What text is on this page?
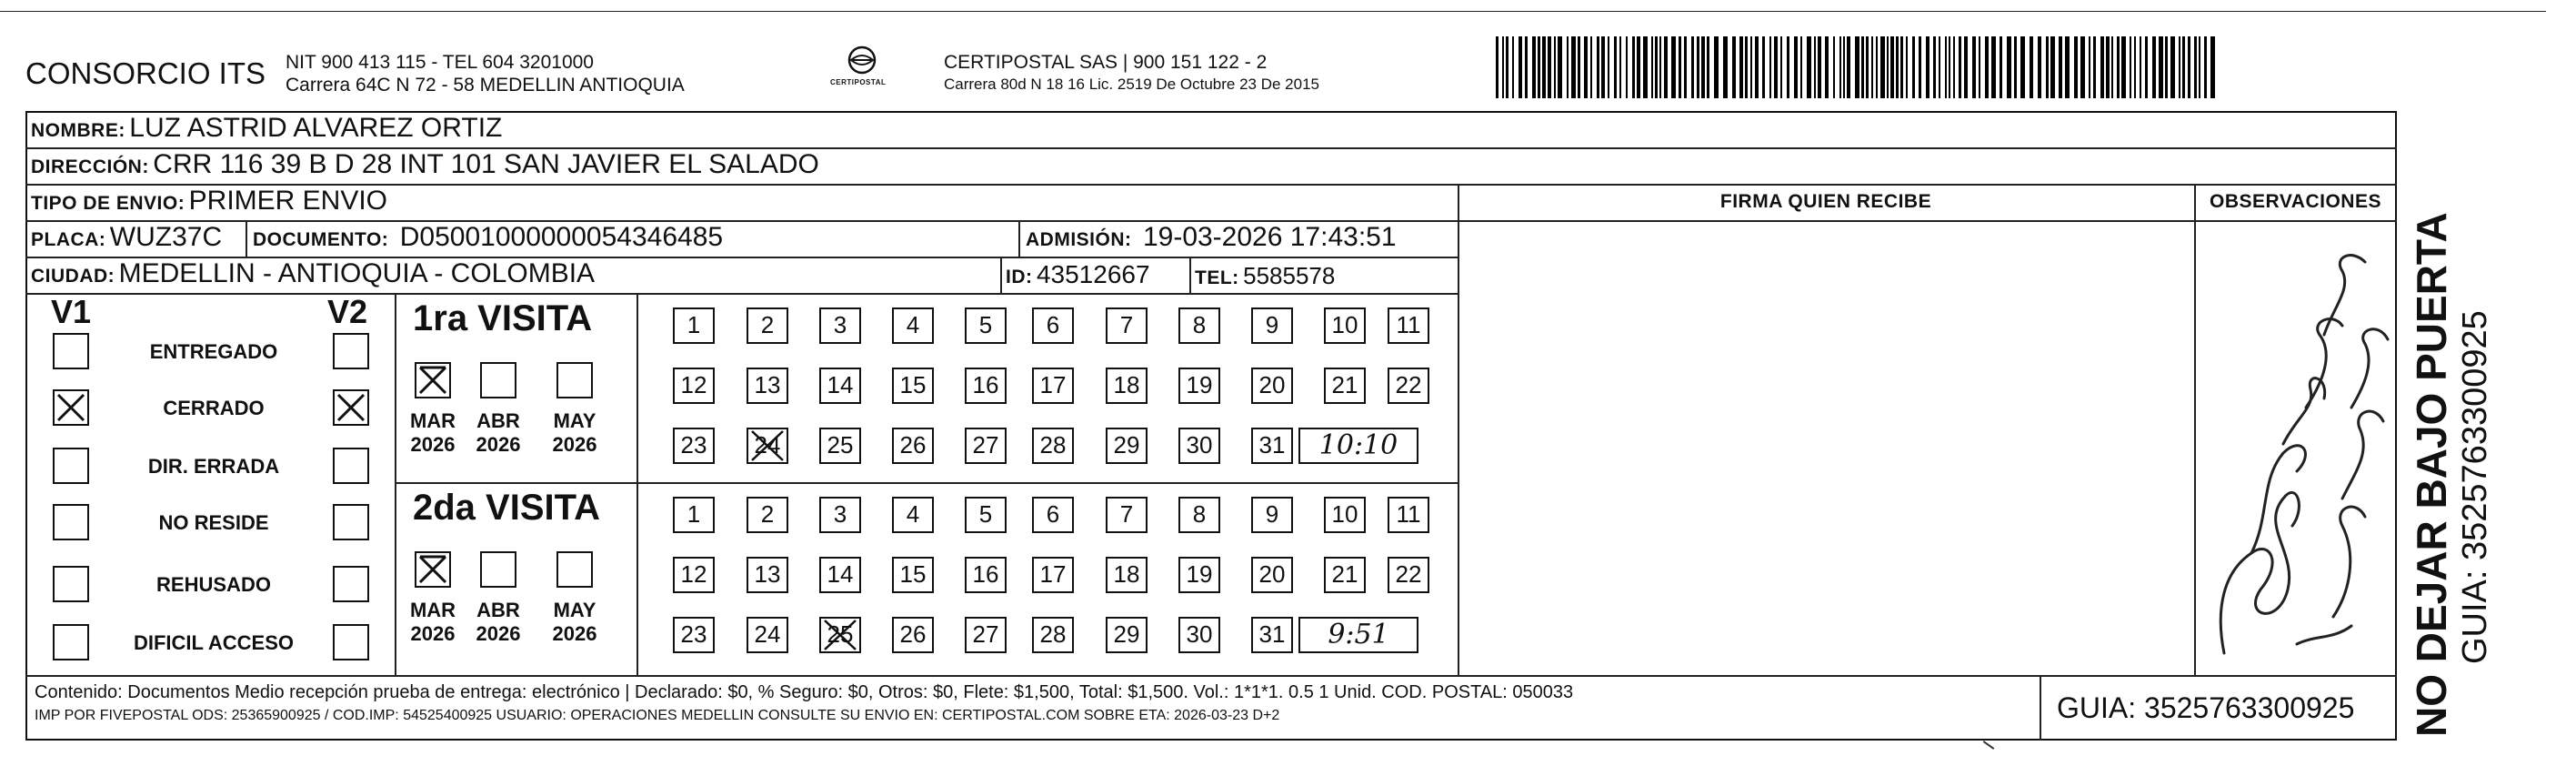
CONSORCIO ITS NIT 900 413 115 - TEL 604 3201000
Carrera 64C N 72 - 58 MEDELLIN ANTIOQUIA	CERTIPOSTAL
CERTIPOSTAL SAS | 900 151 122 - 2
Carrera 80d N 18 16 Lic. 2519 De Octubre 23 De 2015
NOMBRE: LUZ ASTRID ALVAREZ ORTIZ
DIRECCIÓN: CRR 116 39 B D 28 INT 101 SAN JAVIER EL SALADO
TIPO DE ENVIO: PRIMER ENVIO	FIRMA QUIEN RECIBE	OBSERVACIONES
PLACA: WUZ37C DOCUMENTO: D05001000000054346485	ADMISIÓN: 19-03-2026 17:43:51
CIUDAD: MEDELLIN - ANTIOQUIA - COLOMBIA	ID: 43512667 TEL: 5585578
V1	V2
ENTREGADO
CERRADO
DIR. ERRADA
NO RESIDE
REHUSADO
DIFICIL ACCESO
1ra VISITA
MAR
2026
ABR
2026
MAY
2026
1	2	3	4	5	6	7	8	9	10	11
12	13	14	15	16	17	18	19	20	21	22
23	24	25	26	27	28	29	30	31	10:10
2da VISITA
MAR
2026
ABR
2026
MAY
2026
1	2	3	4	5	6	7	8	9	10	11
12	13	14	15	16	17	18	19	20	21	22
23	24	25	26	27	28	29	30	31	9:51
Contenido: Documentos Medio recepción prueba de entrega: electrónico | Declarado: $0, % Seguro: $0, Otros: $0, Flete: $1,500, Total: $1,500. Vol.: 1*1*1. 0.5 1 Unid. COD. POSTAL: 050033
IMP POR FIVEPOSTAL ODS: 25365900925 / COD.IMP: 54525400925 USUARIO: OPERACIONES MEDELLIN CONSULTE SU ENVIO EN: CERTIPOSTAL.COM SOBRE ETA: 2026-03-23 D+2	GUIA: 3525763300925 NO DEJAR BAJO PUERTA GUIA: 3525763300925
